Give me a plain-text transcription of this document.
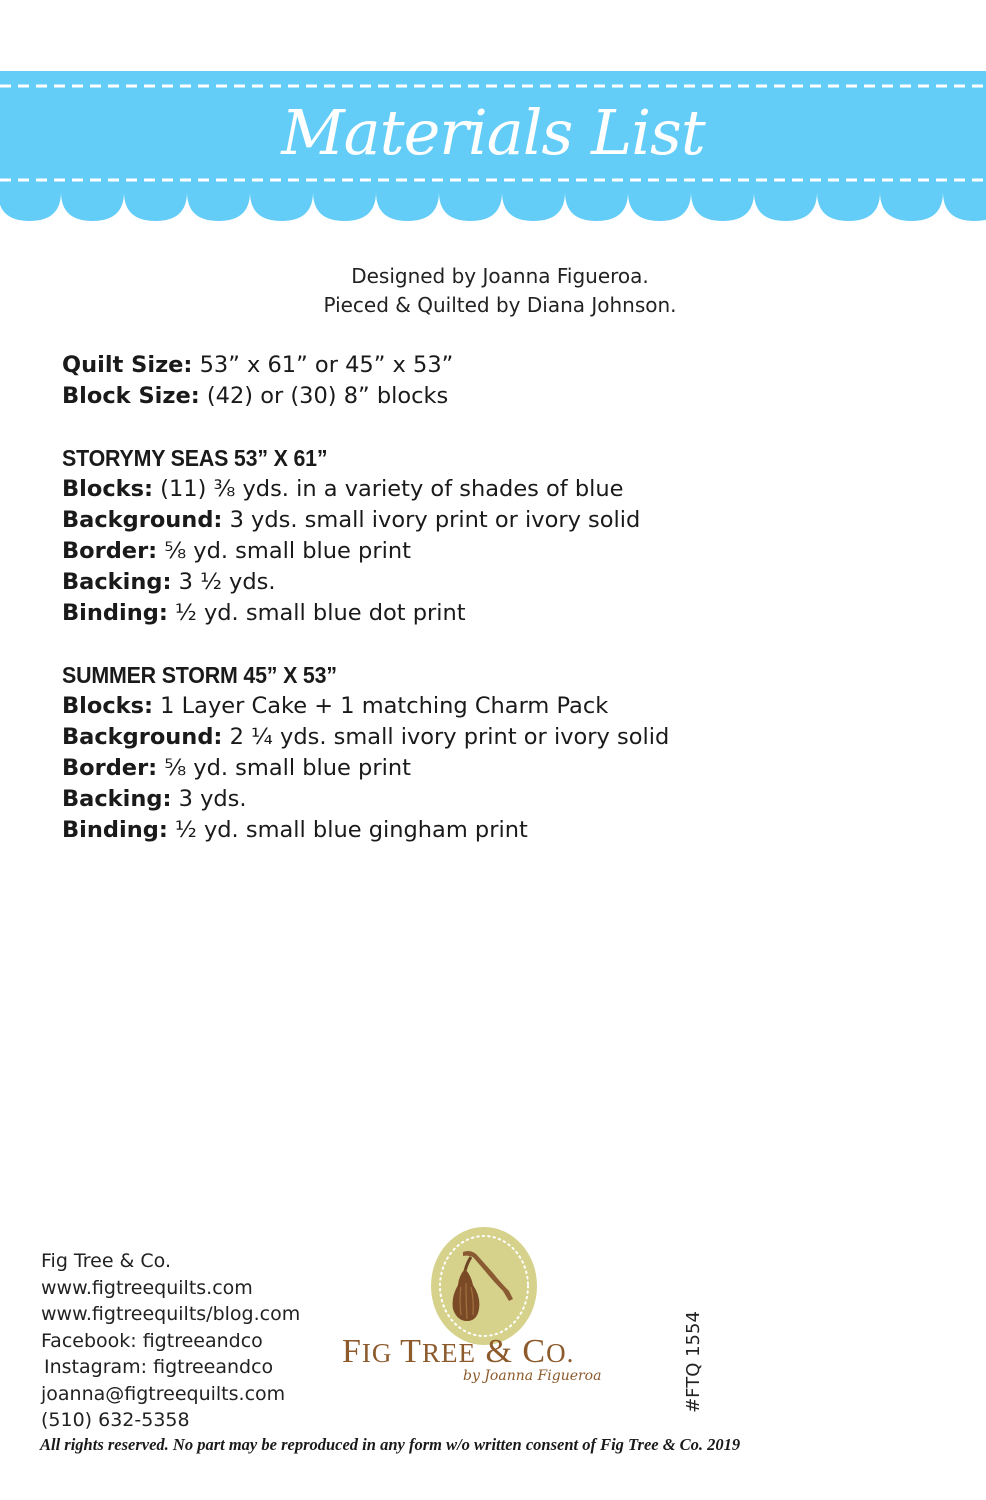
Materials List
Designed by Joanna Figueroa.
Pieced & Quilted by Diana Johnson.
Quilt Size: 53” x 61” or 45” x 53”
Block Size: (42) or (30) 8” blocks
STORYMY SEAS 53” X 61”
Blocks: (11) ⅜ yds. in a variety of shades of blue
Background: 3 yds. small ivory print or ivory solid
Border: ⅝ yd. small blue print
Backing: 3 ½ yds.
Binding: ½ yd. small blue dot print
SUMMER STORM 45” X 53”
Blocks: 1 Layer Cake + 1 matching Charm Pack
Background: 2 ¼ yds. small ivory print or ivory solid
Border: ⅝ yd. small blue print
Backing: 3 yds.
Binding: ½ yd. small blue gingham print
Fig Tree & Co.
www.figtreequilts.com
www.figtreequilts/blog.com
Facebook: figtreeandco
Instagram: figtreeandco
joanna@figtreequilts.com
(510) 632-5358
FIG TREE & CO.
by Joanna Figueroa	#FTQ 1554
All rights reserved. No part may be reproduced in any form w/o written consent of Fig Tree & Co. 2019
